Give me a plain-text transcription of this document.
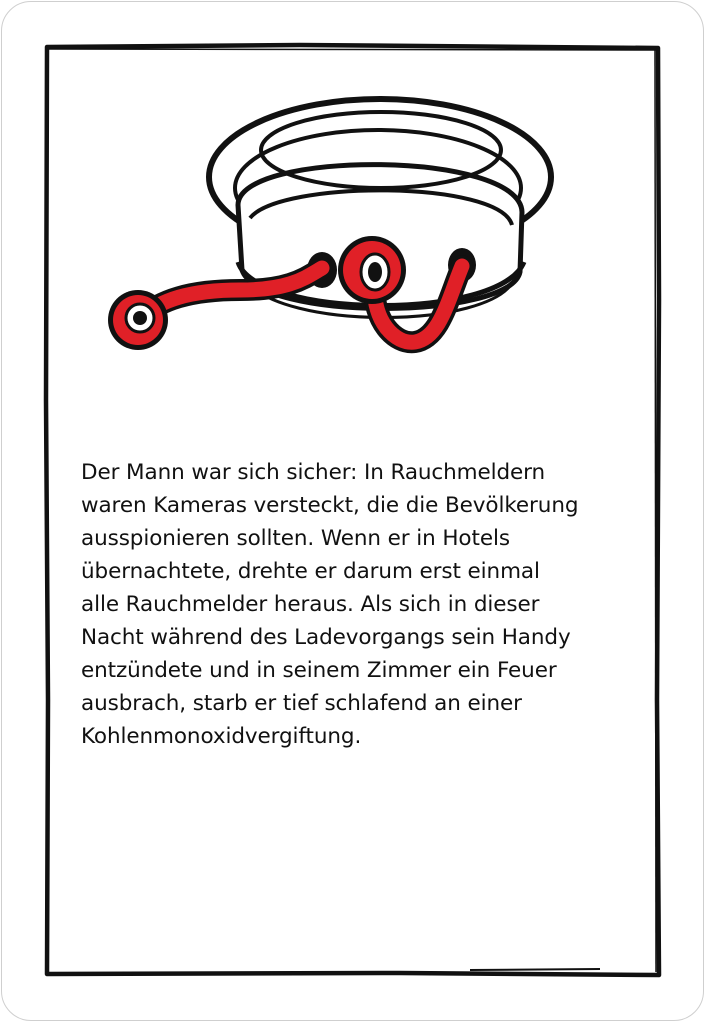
Der Mann war sich sicher: In Rauchmeldern
waren Kameras versteckt, die die Bevölkerung
ausspionieren sollten. Wenn er in Hotels
übernachtete, drehte er darum erst einmal
alle Rauchmelder heraus. Als sich in dieser
Nacht während des Ladevorgangs sein Handy
entzündete und in seinem Zimmer ein Feuer
ausbrach, starb er tief schlafend an einer
Kohlenmonoxidvergiftung.
